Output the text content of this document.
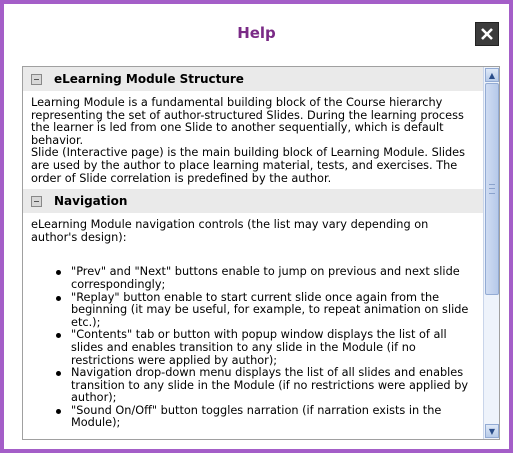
Help
eLearning Module Structure

Learning Module is a fundamental building block of the Course hierarchy representing the set of author-structured Slides. During the learning process the learner is led from one Slide to another sequentially, which is default behavior.

Slide (Interactive page) is the main building block of Learning Module. Slides are used by the author to place learning material, tests, and exercises. The order of Slide correlation is predefined by the author.

Navigation

eLearning Module navigation controls (the list may vary depending on author's design):

"Prev" and "Next" buttons enable to jump on previous and next slide correspondingly;
"Replay" button enable to start current slide once again from the beginning (it may be useful, for example, to repeat animation on slide etc.);
"Contents" tab or button with popup window displays the list of all slides and enables transition to any slide in the Module (if no restrictions were applied by author);
Navigation drop-down menu displays the list of all slides and enables transition to any slide in the Module (if no restrictions were applied by author);
"Sound On/Off" button toggles narration (if narration exists in the Module);
▲
▼
